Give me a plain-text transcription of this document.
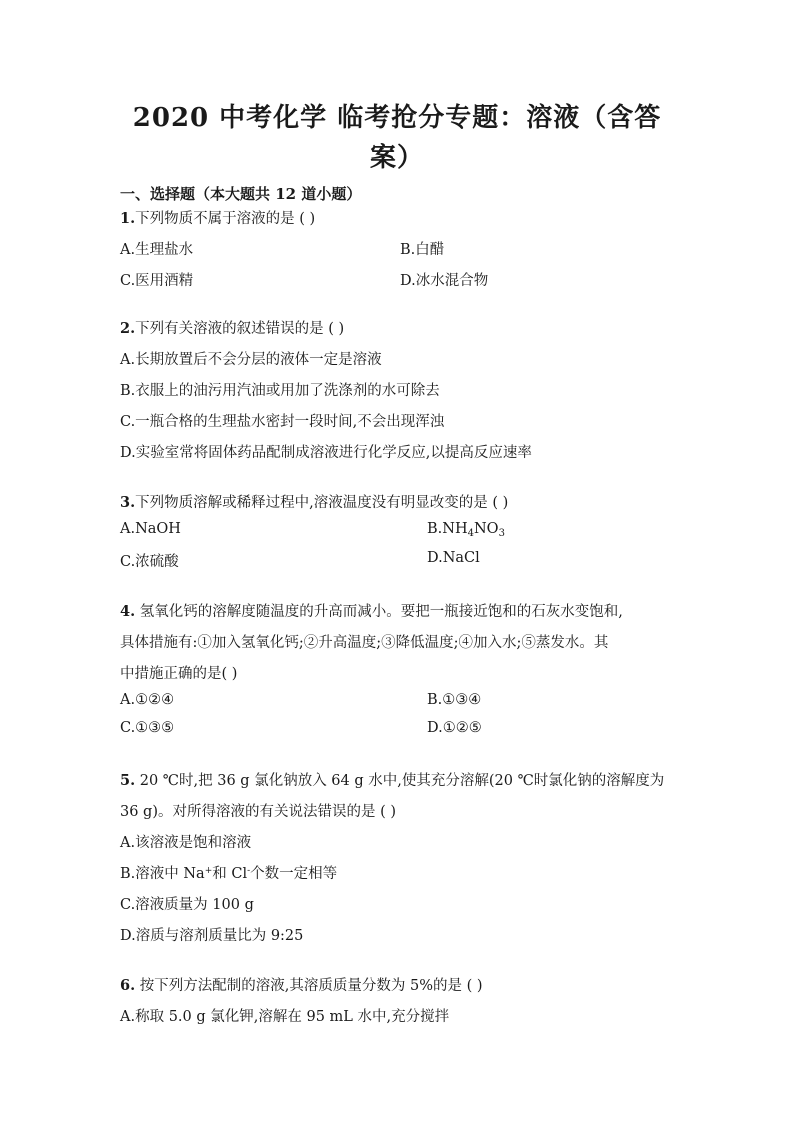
2020 中考化学 临考抢分专题：溶液（含答
案）
一、选择题（本大题共 12 道小题）
1.下列物质不属于溶液的是 ( )
A.生理盐水	B.白醋
C.医用酒精	D.冰水混合物
2.下列有关溶液的叙述错误的是 ( )
A.长期放置后不会分层的液体一定是溶液
B.衣服上的油污用汽油或用加了洗涤剂的水可除去
C.一瓶合格的生理盐水密封一段时间,不会出现浑浊
D.实验室常将固体药品配制成溶液进行化学反应,以提高反应速率
3.下列物质溶解或稀释过程中,溶液温度没有明显改变的是 ( )
A.NaOH	$B.NH_4NO_3$
C.浓硫酸	D.NaCl
4. 氢氧化钙的溶解度随温度的升高而减小。要把一瓶接近饱和的石灰水变饱和,
具体措施有:①加入氢氧化钙;②升高温度;③降低温度;④加入水;⑤蒸发水。其
中措施正确的是( )
A.①②④	B.①③④
C.①③⑤	D.①②⑤
5. 20 ℃时,把 36 g 氯化钠放入 64 g 水中,使其充分溶解(20 ℃时氯化钠的溶解度为
36 g)。对所得溶液的有关说法错误的是 ( )
A.该溶液是饱和溶液
B.溶液中 Na+和 Cl-个数一定相等
C.溶液质量为 100 g
D.溶质与溶剂质量比为 9:25
6. 按下列方法配制的溶液,其溶质质量分数为 5%的是 ( )
A.称取 5.0 g 氯化钾,溶解在 95 mL 水中,充分搅拌
